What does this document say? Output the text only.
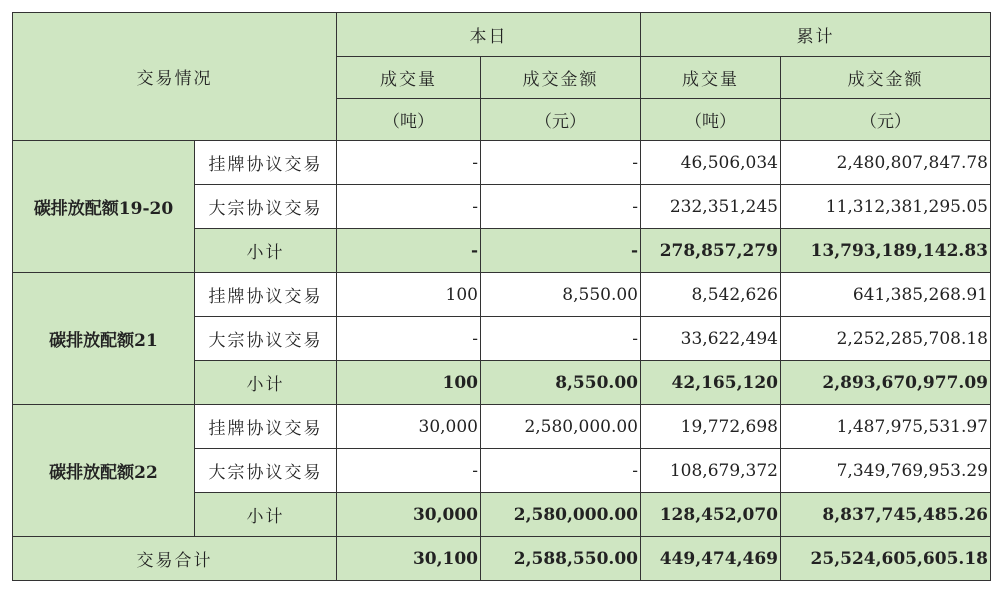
交易情况		本日		累计	
		成交量	成交金额	成交量	成交金额
		（吨）	（元）	（吨）	（元）
碳排放配额19-20	挂牌协议交易	-	-	46,506,034	2,480,807,847.78
	大宗协议交易	-	-	232,351,245	11,312,381,295.05
	小计	-	-	278,857,279	13,793,189,142.83
碳排放配额21	挂牌协议交易	100	8,550.00	8,542,626	641,385,268.91
	大宗协议交易	-	-	33,622,494	2,252,285,708.18
	小计	100	8,550.00	42,165,120	2,893,670,977.09
碳排放配额22	挂牌协议交易	30,000	2,580,000.00	19,772,698	1,487,975,531.97
	大宗协议交易	-	-	108,679,372	7,349,769,953.29
	小计	30,000	2,580,000.00	128,452,070	8,837,745,485.26
交易合计		30,100	2,588,550.00	449,474,469	25,524,605,605.18
